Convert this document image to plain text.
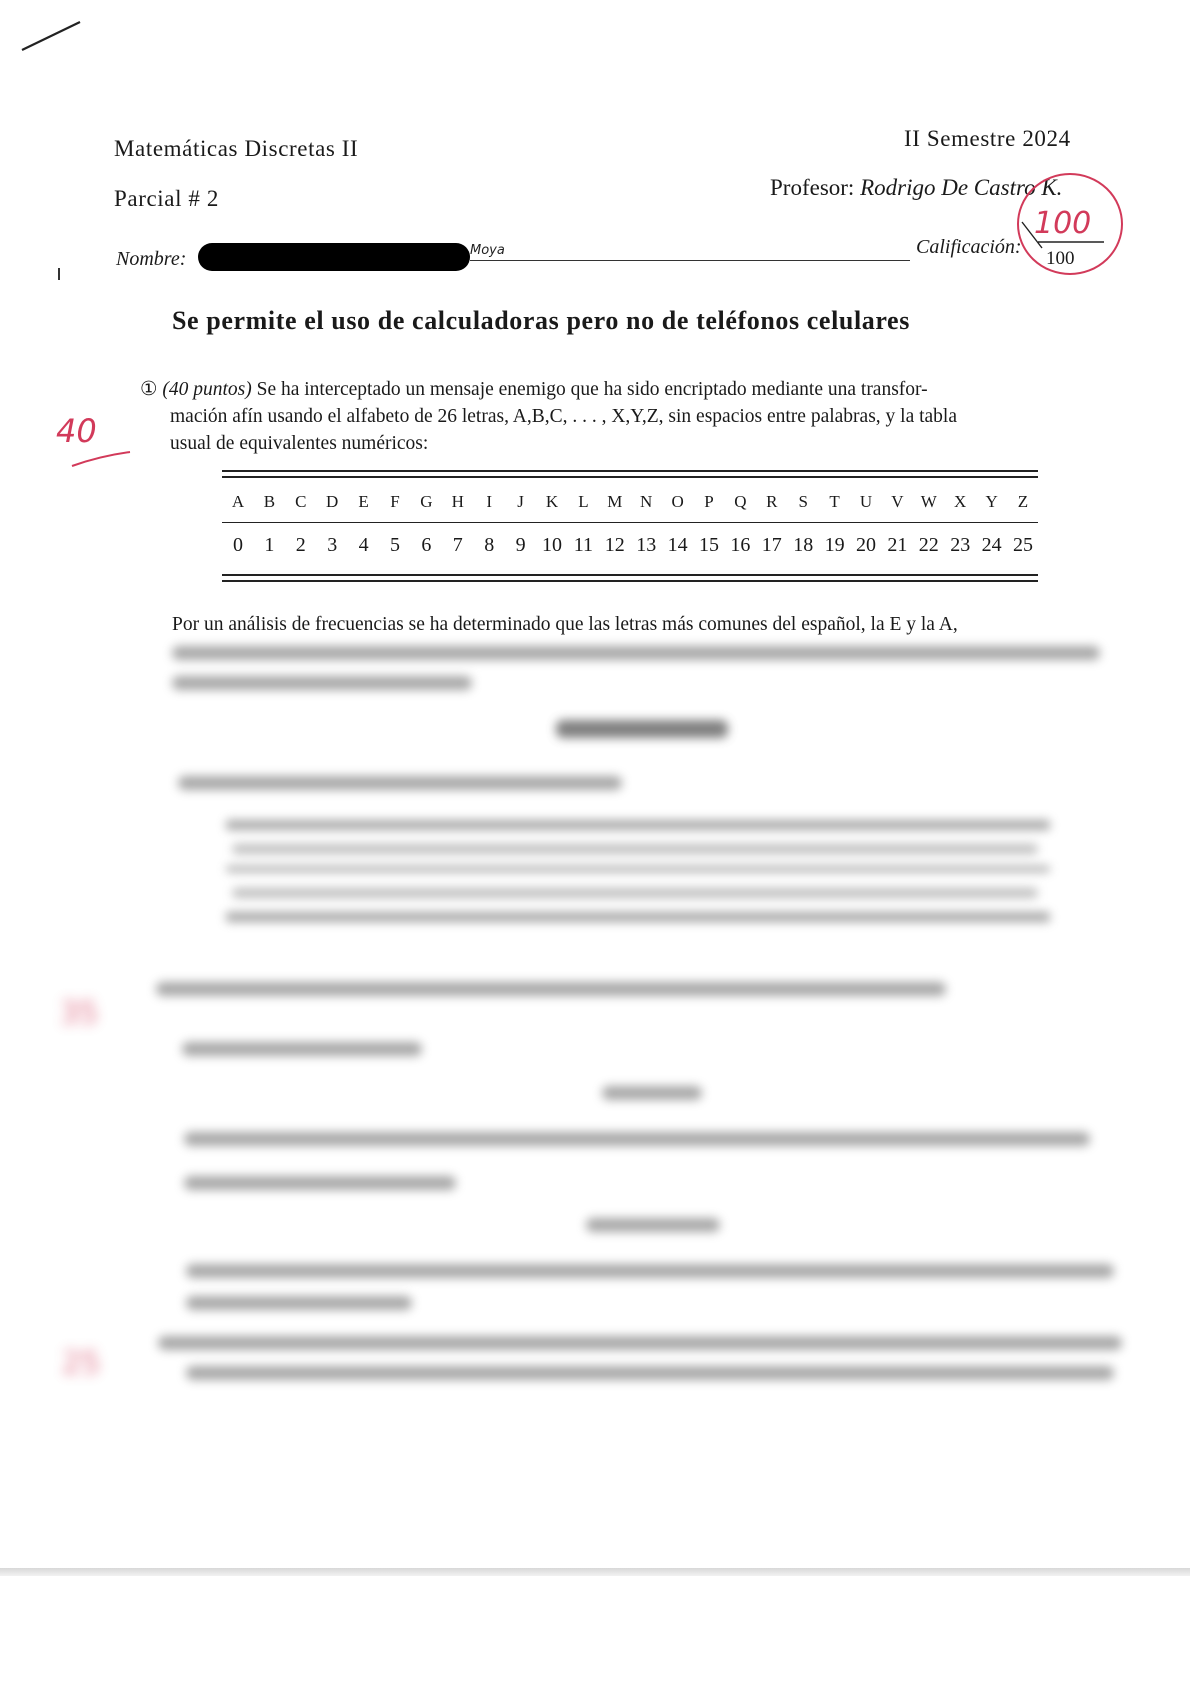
Matemáticas Discretas II	II Semestre 2024
Parcial # 2	Profesor: Rodrigo De Castro K.
Nombre:	Moya	Calificación:
100
100
Se permite el uso de calculadoras pero no de teléfonos celulares
40
① (40 puntos) Se ha interceptado un mensaje enemigo que ha sido encriptado mediante una transfor-
mación afín usando el alfabeto de 26 letras, A,B,C, . . . , X,Y,Z, sin espacios entre palabras, y la tabla
usual de equivalentes numéricos:
A	B	C	D	E	F	G	H	I	J	K	L	M	N	O	P	Q	R	S	T	U	V	W	X	Y	Z
0	1	2	3	4	5	6	7	8	9 10 11 12 13 14 15 16 17 18 19 20 21 22 23 24 25
Por un análisis de frecuencias se ha determinado que las letras más comunes del español, la E y la A,
35
25
